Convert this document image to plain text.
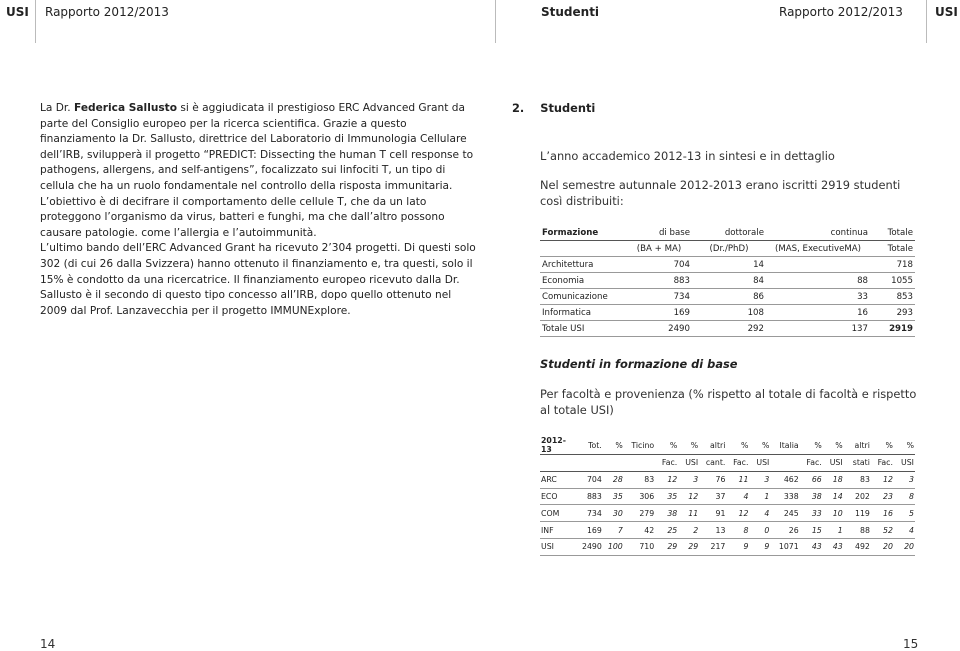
USI Rapporto 2012/2013	Studenti	Rapporto 2012/2013	USI

La Dr. Federica Sallusto si è aggiudicata il prestigioso ERC Advanced Grant da parte del Consiglio europeo per la ricerca scientifica. Grazie a questo finanziamento la Dr. Sallusto, direttrice del Laboratorio di Immunologia Cellulare dell’IRB, svilupperà il progetto “PREDICT: Dissecting the human T cell response to pathogens, allergens, and self-antigens”, focalizzato sui linfociti T, un tipo di cellula che ha un ruolo fondamentale nel controllo della risposta immunitaria. L’obiettivo è di decifrare il comportamento delle cellule T, che da un lato proteggono l’organismo da virus, batteri e funghi, ma che dall’altro possono causare patologie. come l’allergia e l’autoimmunità.

L’ultimo bando dell’ERC Advanced Grant ha ricevuto 2’304 progetti. Di questi solo 302 (di cui 26 dalla Svizzera) hanno ottenuto il finanziamento e, tra questi, solo il 15% è condotto da una ricercatrice. Il finanziamento europeo ricevuto dalla Dr. Sallusto è il secondo di questo tipo concesso all’IRB, dopo quello ottenuto nel 2009 dal Prof. Lanzavecchia per il progetto IMMUNExplore.

2. Studenti
L’anno accademico 2012-13 in sintesi e in dettaglio
Nel semestre autunnale 2012-2013 erano iscritti 2919 studenti così distribuiti:
Formazione	di base	dottorale	continua	Totale
	(BA + MA)	(Dr./PhD)	(MAS, ExecutiveMA)	Totale
Architettura	704	14		718
Economia	883	84	88	1055
Comunicazione	734	86	33	853
Informatica	169	108	16	293
Totale USI	2490	292	137	2919
Studenti in formazione di base
Per facoltà e provenienza (% rispetto al totale di facoltà e rispetto al totale USI)
2012-13	Tot.	%	Ticino	%	%	altri	%	%	Italia	%	%	altri	%	%
				Fac.	USI	cant.	Fac.	USI		Fac.	USI	stati	Fac.	USI
ARC	704	28	83	12	3	76	11	3	462	66	18	83	12	3
ECO	883	35	306	35	12	37	4	1	338	38	14	202	23	8
COM	734	30	279	38	11	91	12	4	245	33	10	119	16	5
INF	169	7	42	25	2	13	8	0	26	15	1	88	52	4
USI	2490	100	710	29	29	217	9	9	1071	43	43	492	20	20
14	15
